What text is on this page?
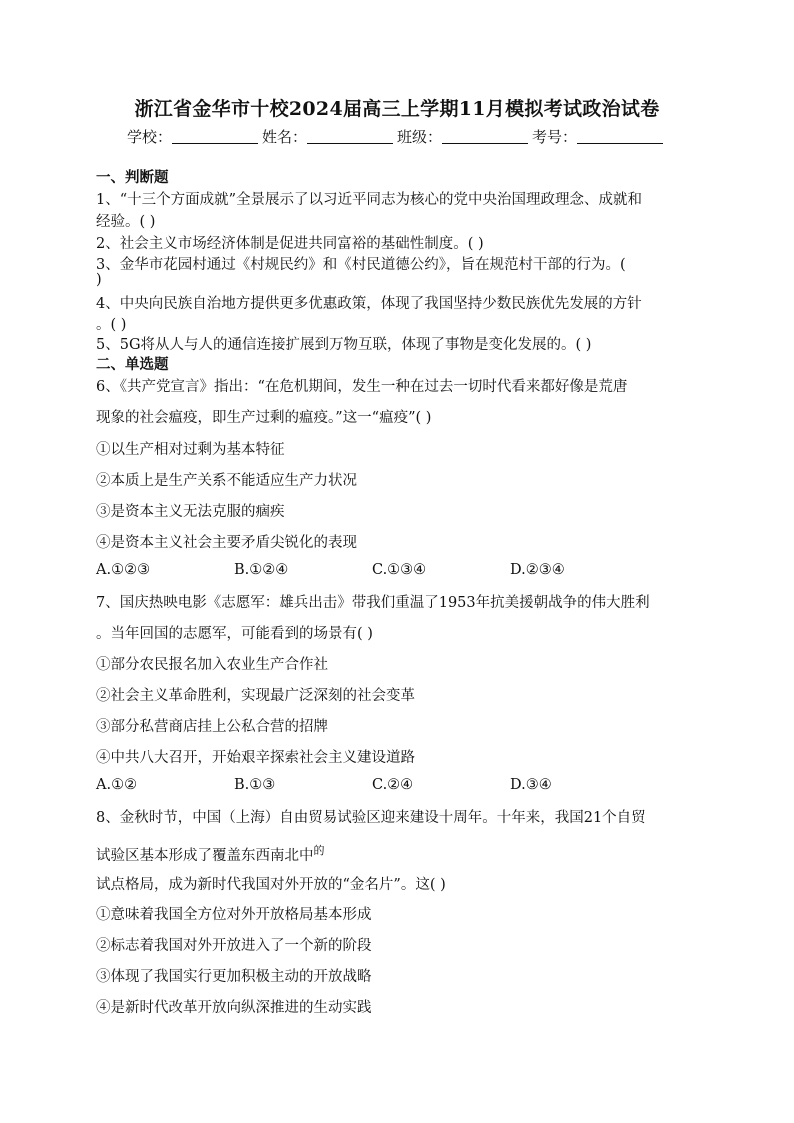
浙江省金华市十校2024届高三上学期11月模拟考试政治试卷
学校：	姓名：	班级：	考号：
一、判断题
1、“十三个方面成就”全景展示了以习近平同志为核心的党中央治国理政理念、成就和
经验。( )
2、社会主义市场经济体制是促进共同富裕的基础性制度。( )
3、金华市花园村通过《村规民约》和《村民道德公约》，旨在规范村干部的行为。(
)
4、中央向民族自治地方提供更多优惠政策，体现了我国坚持少数民族优先发展的方针
。( )
5、5G将从人与人的通信连接扩展到万物互联，体现了事物是变化发展的。( )
二、单选题
6、《共产党宣言》指出：“在危机期间，发生一种在过去一切时代看来都好像是荒唐
现象的社会瘟疫，即生产过剩的瘟疫。”这一“瘟疫”( )
①以生产相对过剩为基本特征
②本质上是生产关系不能适应生产力状况
③是资本主义无法克服的痼疾
④是资本主义社会主要矛盾尖锐化的表现
A.①②③	B.①②④	C.①③④	D.②③④
7、国庆热映电影《志愿军：雄兵出击》带我们重温了1953年抗美援朝战争的伟大胜利
。当年回国的志愿军，可能看到的场景有( )
①部分农民报名加入农业生产合作社
②社会主义革命胜利，实现最广泛深刻的社会变革
③部分私营商店挂上公私合营的招牌
④中共八大召开，开始艰辛探索社会主义建设道路
A.①②	B.①③	C.②④	D.③④
8、金秋时节，中国（上海）自由贸易试验区迎来建设十周年。十年来，我国21个自贸
试验区基本形成了覆盖东西南北中$^的$
试点格局，成为新时代我国对外开放的“金名片”。这( )
①意味着我国全方位对外开放格局基本形成
②标志着我国对外开放进入了一个新的阶段
③体现了我国实行更加积极主动的开放战略
④是新时代改革开放向纵深推进的生动实践
